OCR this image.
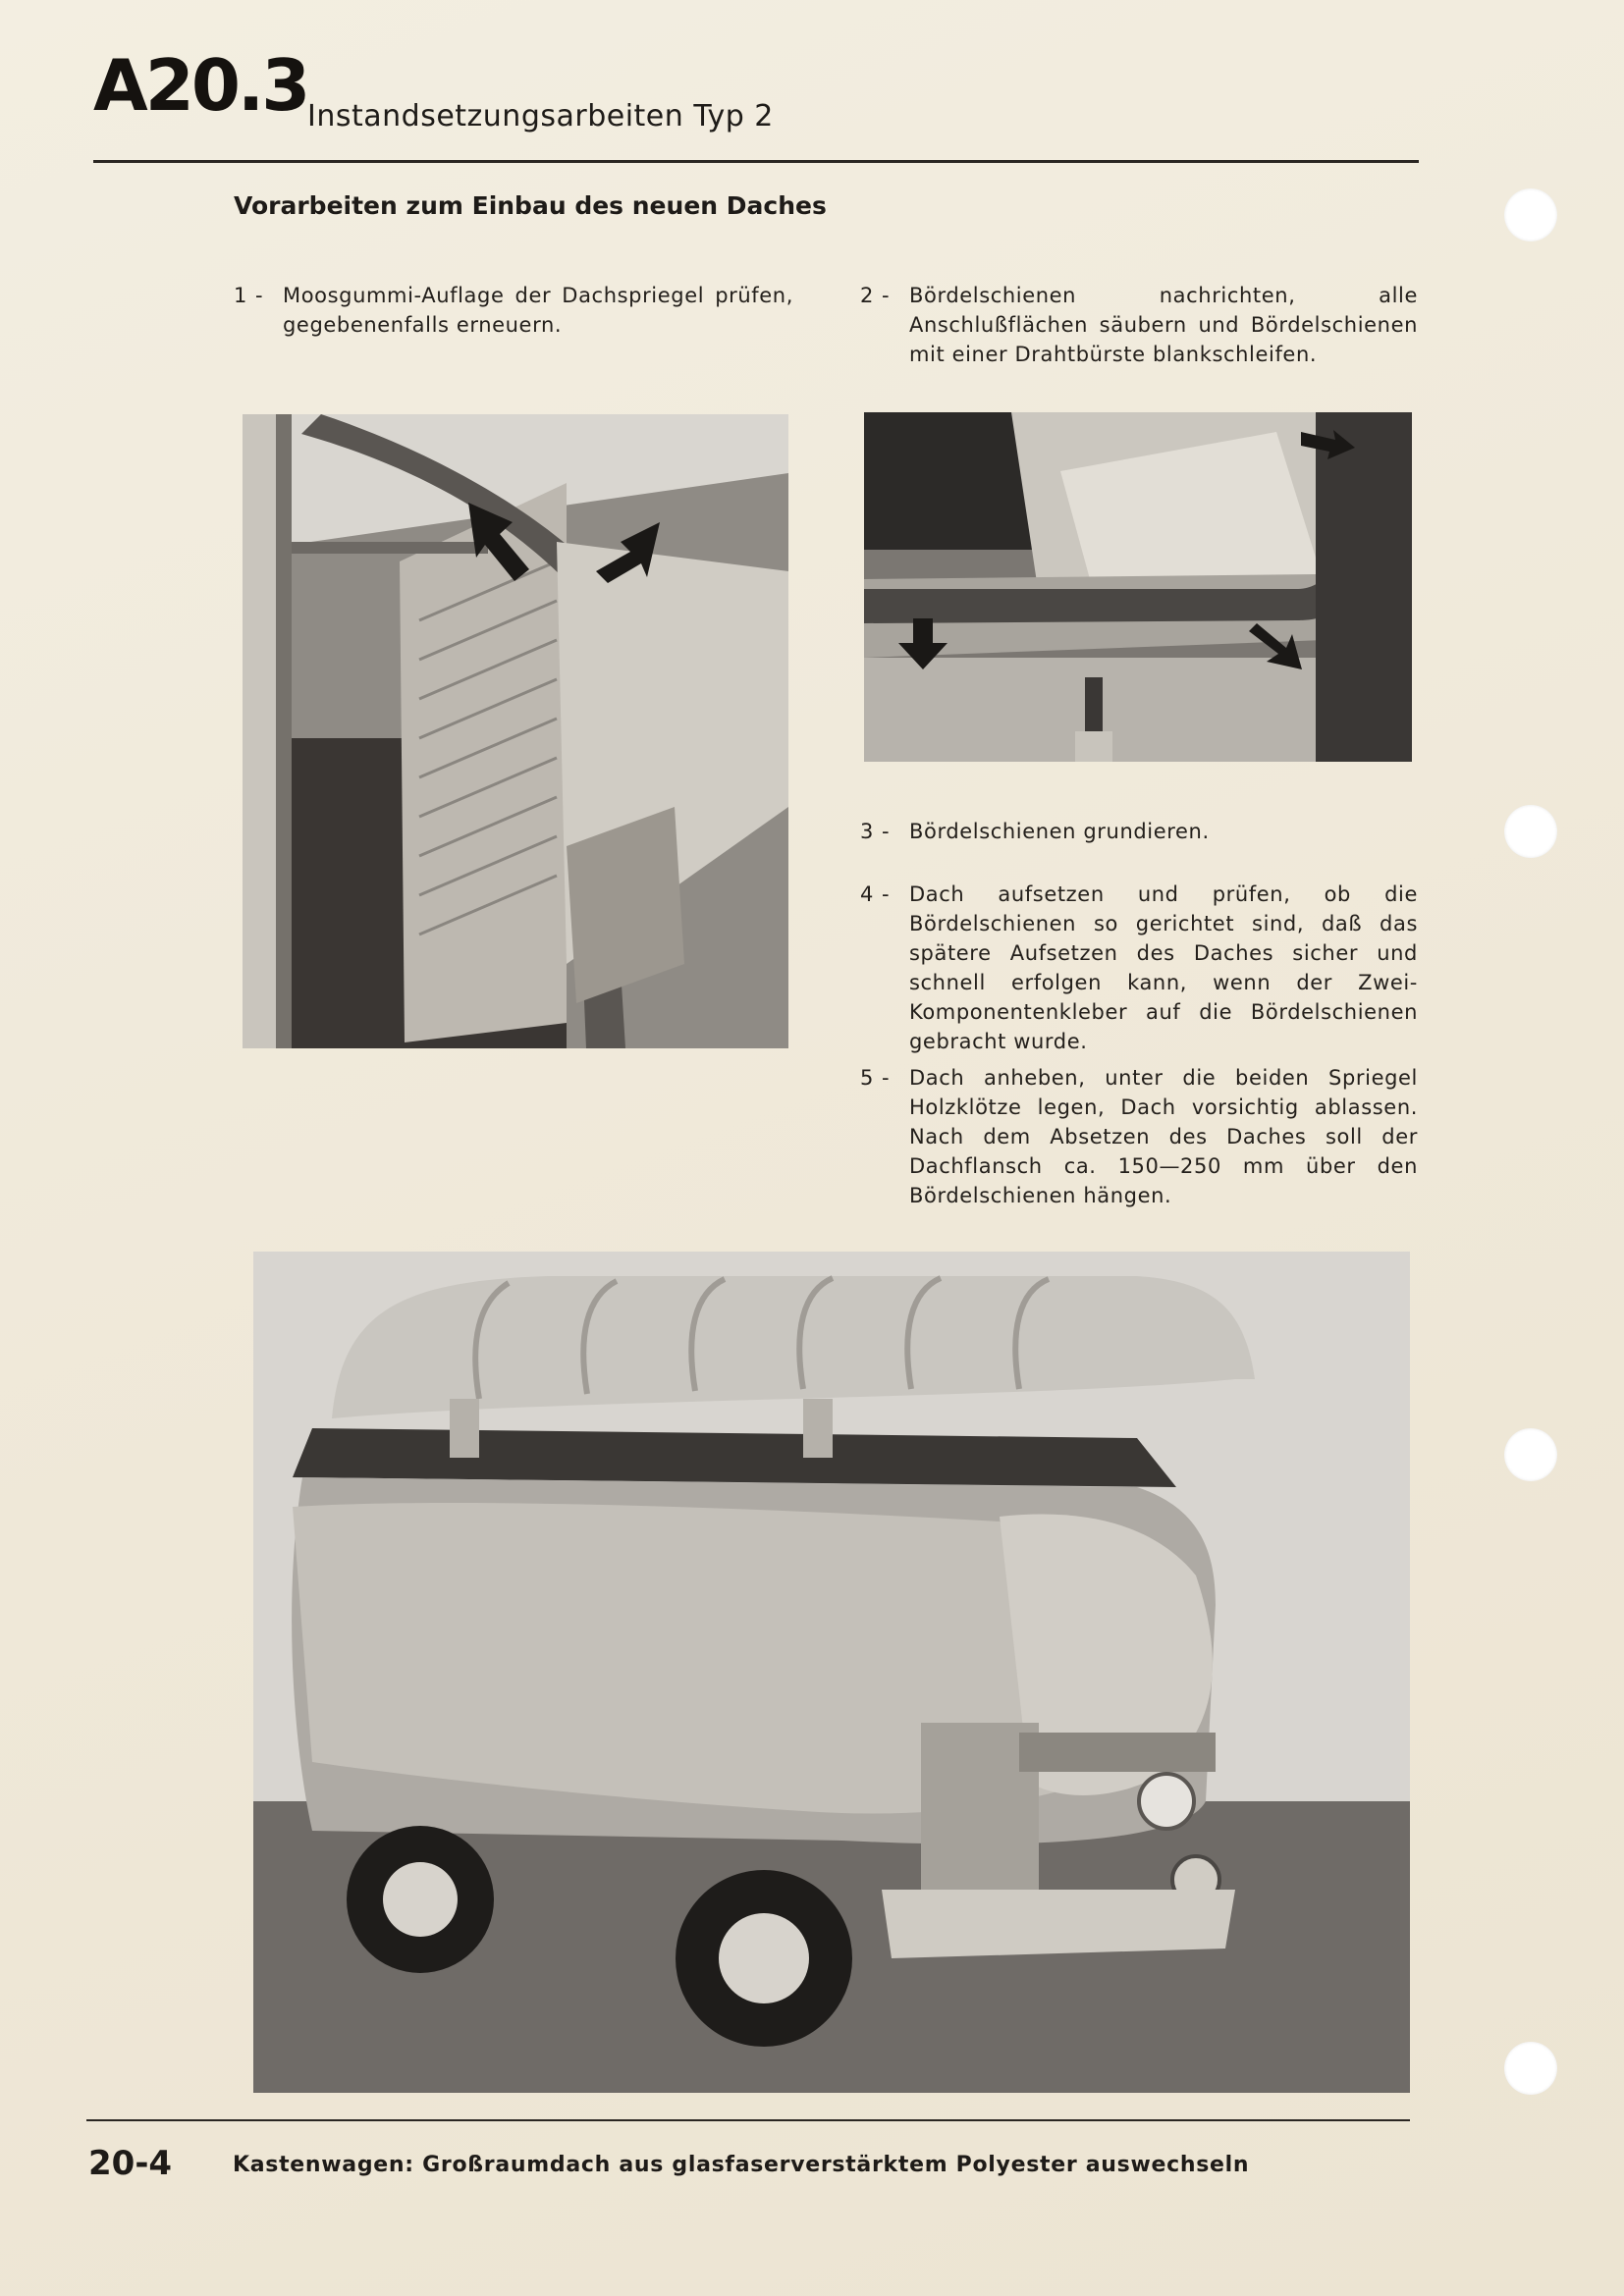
A20.3 Instandsetzungsarbeiten Typ 2
Vorarbeiten zum Einbau des neuen Daches
1 - Moosgummi-Auflage der Dachspriegel prüfen, gegebenenfalls erneuern.
2 - Bördelschienen nachrichten, alle Anschlußflächen säubern und Bördelschienen mit einer Drahtbürste blankschleifen.
3 - Bördelschienen grundieren.
4 - Dach aufsetzen und prüfen, ob die Bördelschienen so gerichtet sind, daß das spätere Aufsetzen des Daches sicher und schnell erfolgen kann, wenn der Zwei-Komponentenkleber auf die Bördelschienen gebracht wurde.
5 - Dach anheben, unter die beiden Spriegel Holzklötze legen, Dach vorsichtig ablassen. Nach dem Absetzen des Daches soll der Dachflansch ca. 150—250 mm über den Bördelschienen hängen.
20-4	Kastenwagen: Großraumdach aus glasfaserverstärktem Polyester auswechseln
